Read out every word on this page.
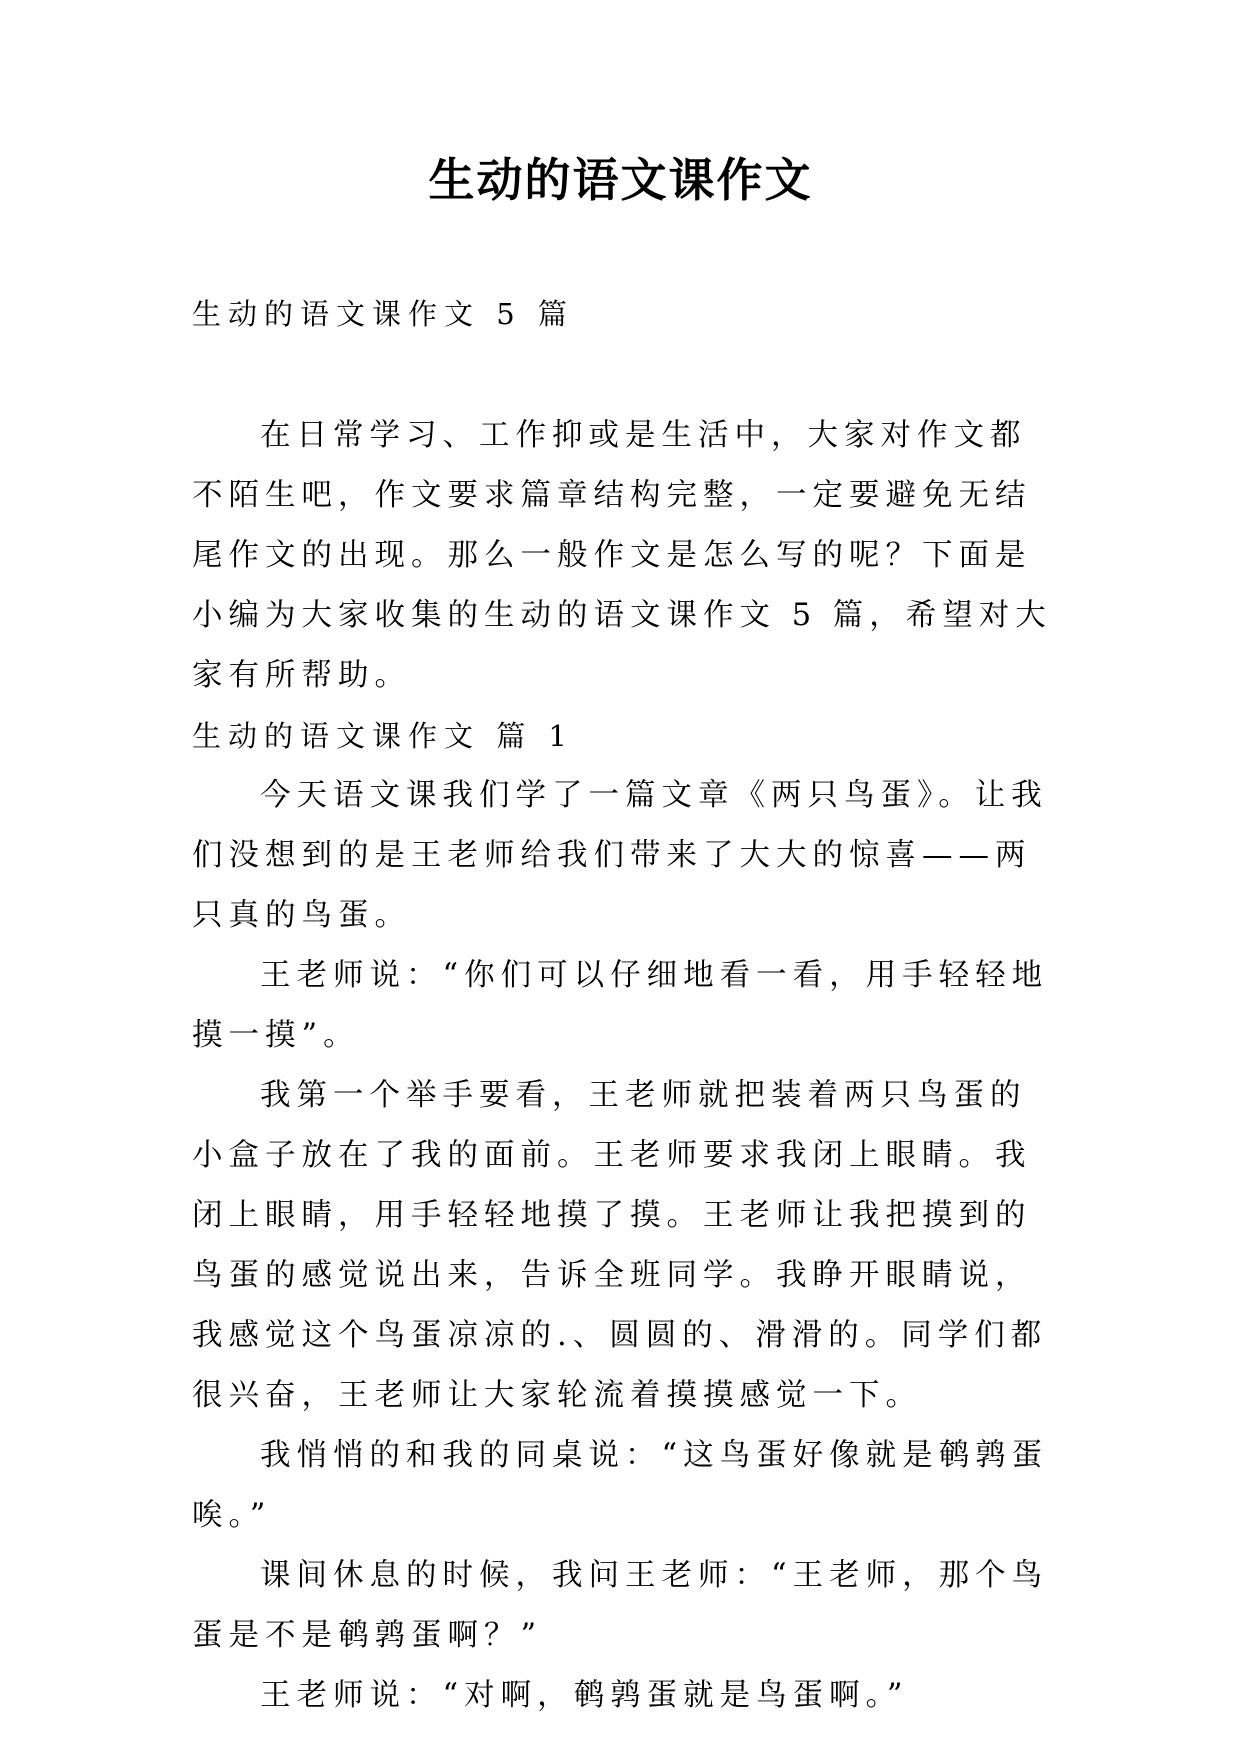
生动的语文课作文
生动的语文课作文 5 篇

在日常学习、工作抑或是生活中，大家对作文都不陌生吧，作文要求篇章结构完整，一定要避免无结尾作文的出现。那么一般作文是怎么写的呢？下面是小编为大家收集的生动的语文课作文 5 篇，希望对大家有所帮助。

生动的语文课作文 篇 1

今天语文课我们学了一篇文章《两只鸟蛋》。让我们没想到的是王老师给我们带来了大大的惊喜——两只真的鸟蛋。

王老师说：“你们可以仔细地看一看，用手轻轻地摸一摸”。

我第一个举手要看，王老师就把装着两只鸟蛋的小盒子放在了我的面前。王老师要求我闭上眼睛。我闭上眼睛，用手轻轻地摸了摸。王老师让我把摸到的鸟蛋的感觉说出来，告诉全班同学。我睁开眼睛说，我感觉这个鸟蛋凉凉的.、圆圆的、滑滑的。同学们都很兴奋，王老师让大家轮流着摸摸感觉一下。

我悄悄的和我的同桌说：“这鸟蛋好像就是鹌鹑蛋唉。”

课间休息的时候，我问王老师：“王老师，那个鸟蛋是不是鹌鹑蛋啊？”

王老师说：“对啊，鹌鹑蛋就是鸟蛋啊。”
